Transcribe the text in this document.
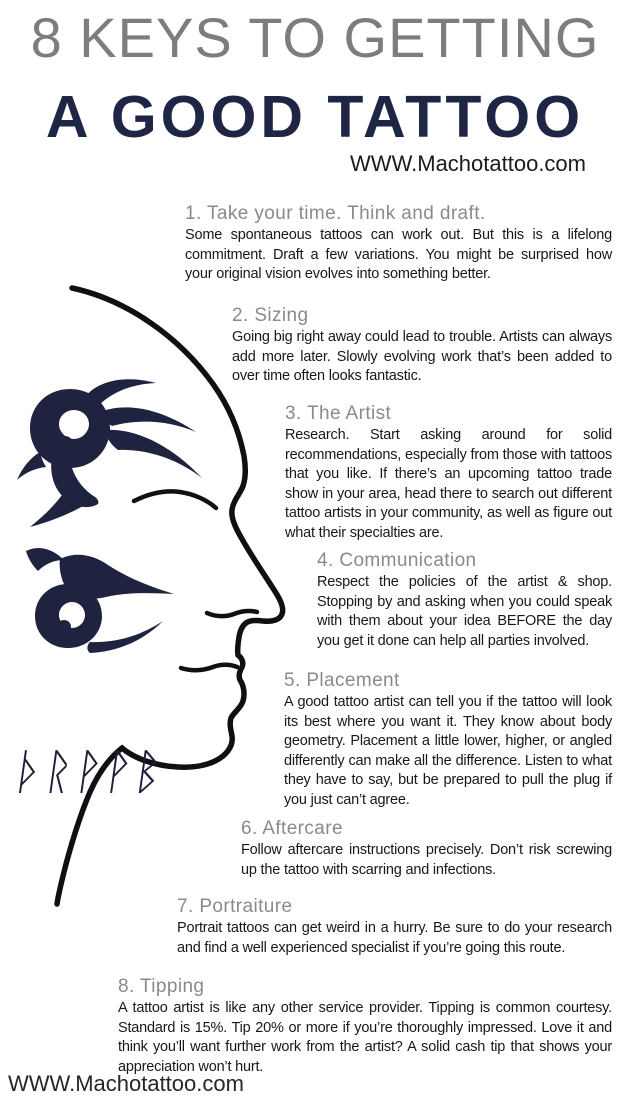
8 KEYS TO GETTING
A GOOD TATTOO
WWW.Machotattoo.com
1. Take your time. Think and draft.

Some spontaneous tattoos can work out. But this is a lifelong commitment. Draft a few variations. You might be surprised how your original vision evolves into something better.

2. Sizing

Going big right away could lead to trouble. Artists can always add more later. Slowly evolving work that’s been added to over time often looks fantastic.

3. The Artist

Research. Start asking around for solid recommendations, especially from those with tattoos that you like. If there’s an upcoming tattoo trade show in your area, head there to search out different tattoo artists in your community, as well as figure out what their specialties are.

4. Communication

Respect the policies of the artist & shop. Stopping by and asking when you could speak with them about your idea BEFORE the day you get it done can help all parties involved.

5. Placement

A good tattoo artist can tell you if the tattoo will look its best where you want it. They know about body geometry. Placement a little lower, higher, or angled differently can make all the difference. Listen to what they have to say, but be prepared to pull the plug if you just can’t agree.

6. Aftercare

Follow aftercare instructions precisely. Don’t risk screwing up the tattoo with scarring and infections.

7. Portraiture

Portrait tattoos can get weird in a hurry. Be sure to do your research and find a well experienced specialist if you’re going this route.

8. Tipping

A tattoo artist is like any other service provider. Tipping is common courtesy. Standard is 15%. Tip 20% or more if you’re thoroughly impressed. Love it and think you’ll want further work from the artist? A solid cash tip that shows your appreciation won’t hurt.

ᚦᚱᚹᚹᛒ
WWW.Machotattoo.com
